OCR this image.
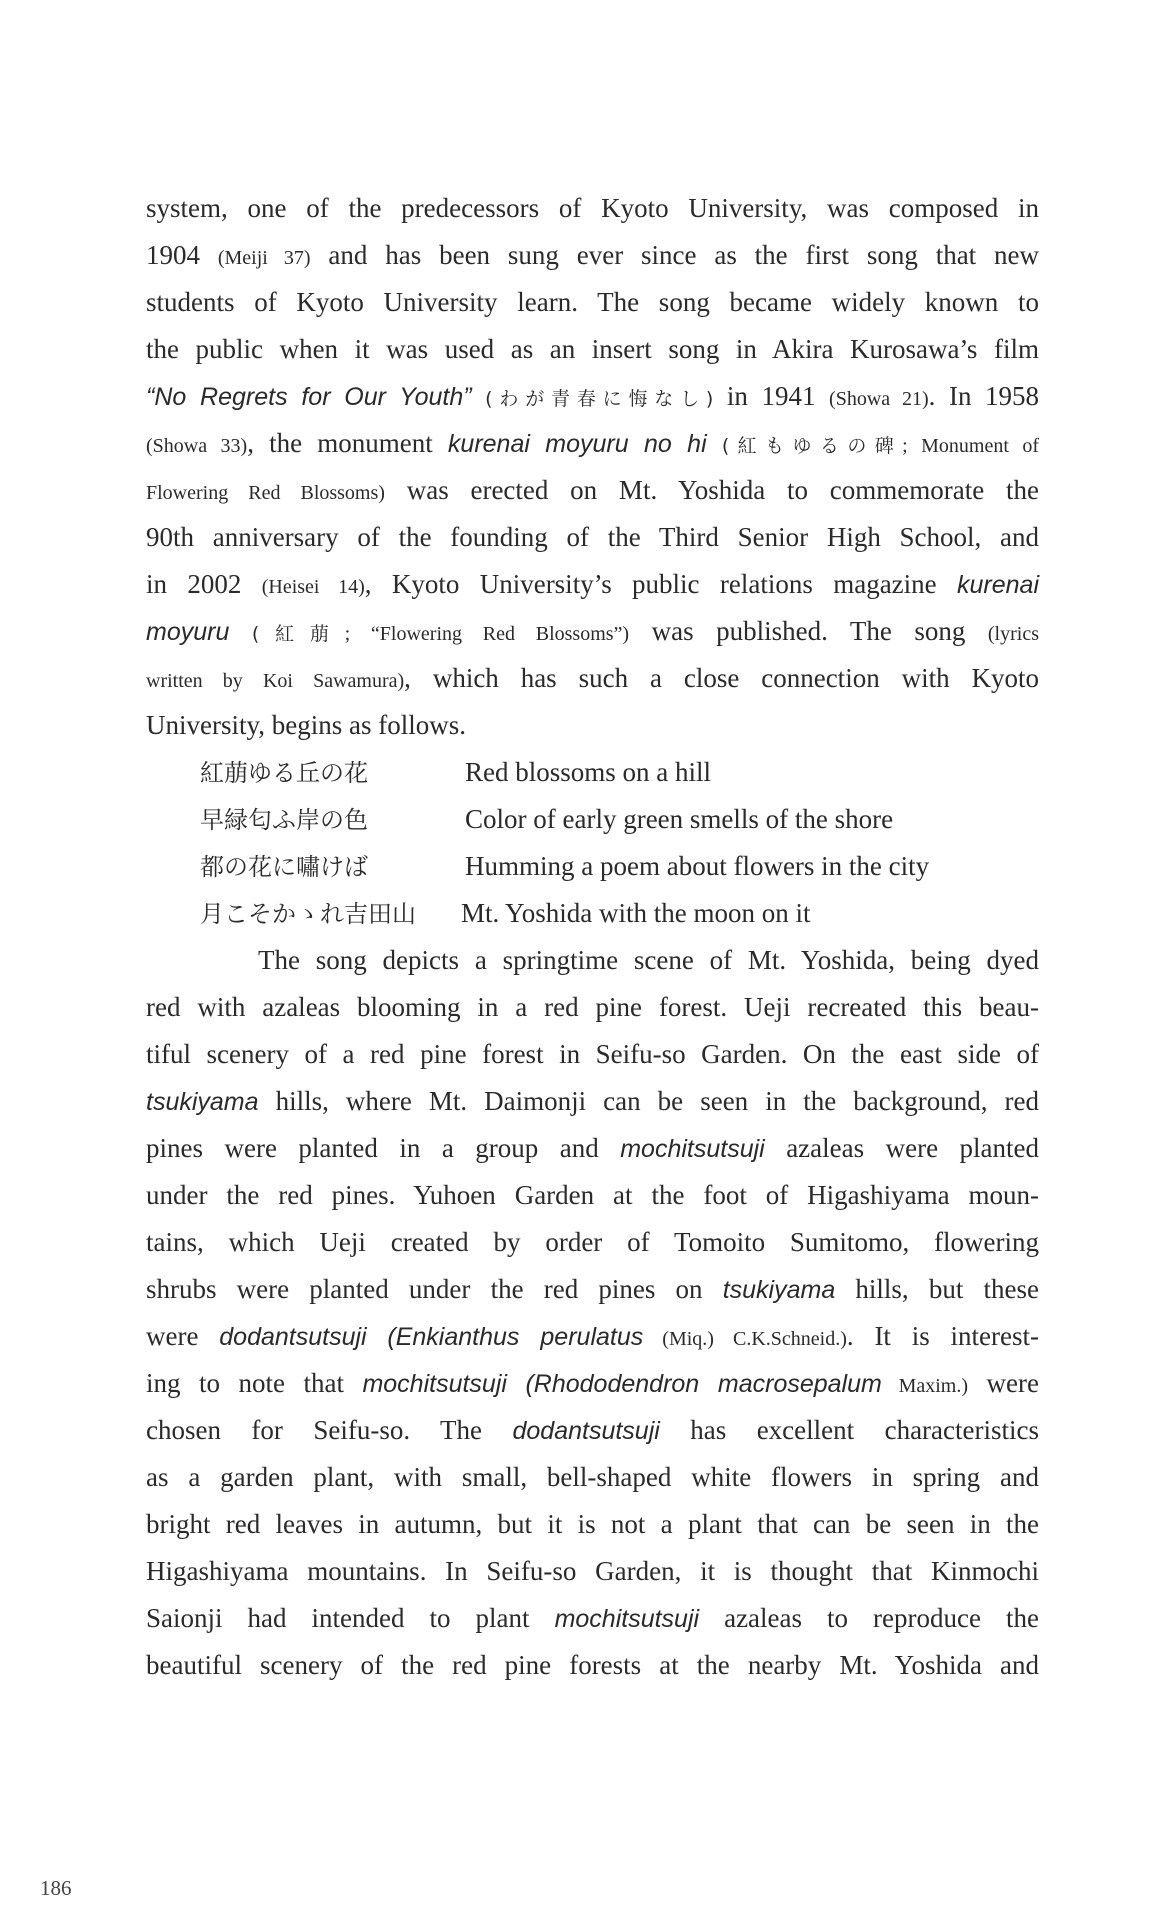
system, one of the predecessors of Kyoto University, was composed in
1904 (Meiji 37) and has been sung ever since as the first song that new
students of Kyoto University learn. The song became widely known to
the public when it was used as an insert song in Akira Kurosawa’s film
“No Regrets for Our Youth” (わが青春に悔なし) in 1941 (Showa 21). In 1958
(Showa 33), the monument kurenai moyuru no hi (紅もゆるの碑; Monument of
Flowering Red Blossoms) was erected on Mt. Yoshida to commemorate the
90th anniversary of the founding of the Third Senior High School, and
in 2002 (Heisei 14), Kyoto University’s public relations magazine kurenai
moyuru (紅萠; “Flowering Red Blossoms”) was published. The song (lyrics
written by Koi Sawamura), which has such a close connection with Kyoto
University, begins as follows.
紅萠ゆる丘の花	Red blossoms on a hill
早緑匂ふ岸の色	Color of early green smells of the shore
都の花に嘯けば	Humming a poem about flowers in the city
月こそかゝれ吉田山 Mt. Yoshida with the moon on it
The song depicts a springtime scene of Mt. Yoshida, being dyed
red with azaleas blooming in a red pine forest. Ueji recreated this beau-
tiful scenery of a red pine forest in Seifu-so Garden. On the east side of
tsukiyama hills, where Mt. Daimonji can be seen in the background, red
pines were planted in a group and mochitsutsuji azaleas were planted
under the red pines. Yuhoen Garden at the foot of Higashiyama moun-
tains, which Ueji created by order of Tomoito Sumitomo, flowering
shrubs were planted under the red pines on tsukiyama hills, but these
were dodantsutsuji (Enkianthus perulatus (Miq.) C.K.Schneid.). It is interest-
ing to note that mochitsutsuji (Rhododendron macrosepalum Maxim.) were
chosen for Seifu-so. The dodantsutsuji has excellent characteristics
as a garden plant, with small, bell-shaped white flowers in spring and
bright red leaves in autumn, but it is not a plant that can be seen in the
Higashiyama mountains. In Seifu-so Garden, it is thought that Kinmochi
Saionji had intended to plant mochitsutsuji azaleas to reproduce the
beautiful scenery of the red pine forests at the nearby Mt. Yoshida and
186
